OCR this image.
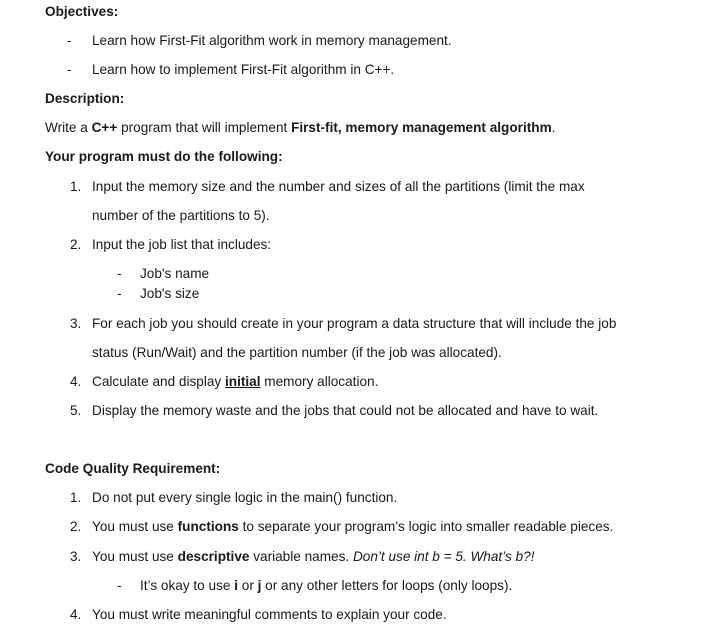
Objectives:
- Learn how First-Fit algorithm work in memory management.
- Learn how to implement First-Fit algorithm in C++.
Description:
Write a C++ program that will implement First-fit, memory management algorithm.
Your program must do the following:
1. Input the memory size and the number and sizes of all the partitions (limit the max
number of the partitions to 5).
2. Input the job list that includes:
- Job's name
- Job's size
3. For each job you should create in your program a data structure that will include the job
status (Run/Wait) and the partition number (if the job was allocated).
4. Calculate and display initial memory allocation.
5. Display the memory waste and the jobs that could not be allocated and have to wait.
Code Quality Requirement:
1. Do not put every single logic in the main() function.
2. You must use functions to separate your program’s logic into smaller readable pieces.
3. You must use descriptive variable names. Don’t use int b = 5. What’s b?!
- It’s okay to use i or j or any other letters for loops (only loops).
4. You must write meaningful comments to explain your code.
